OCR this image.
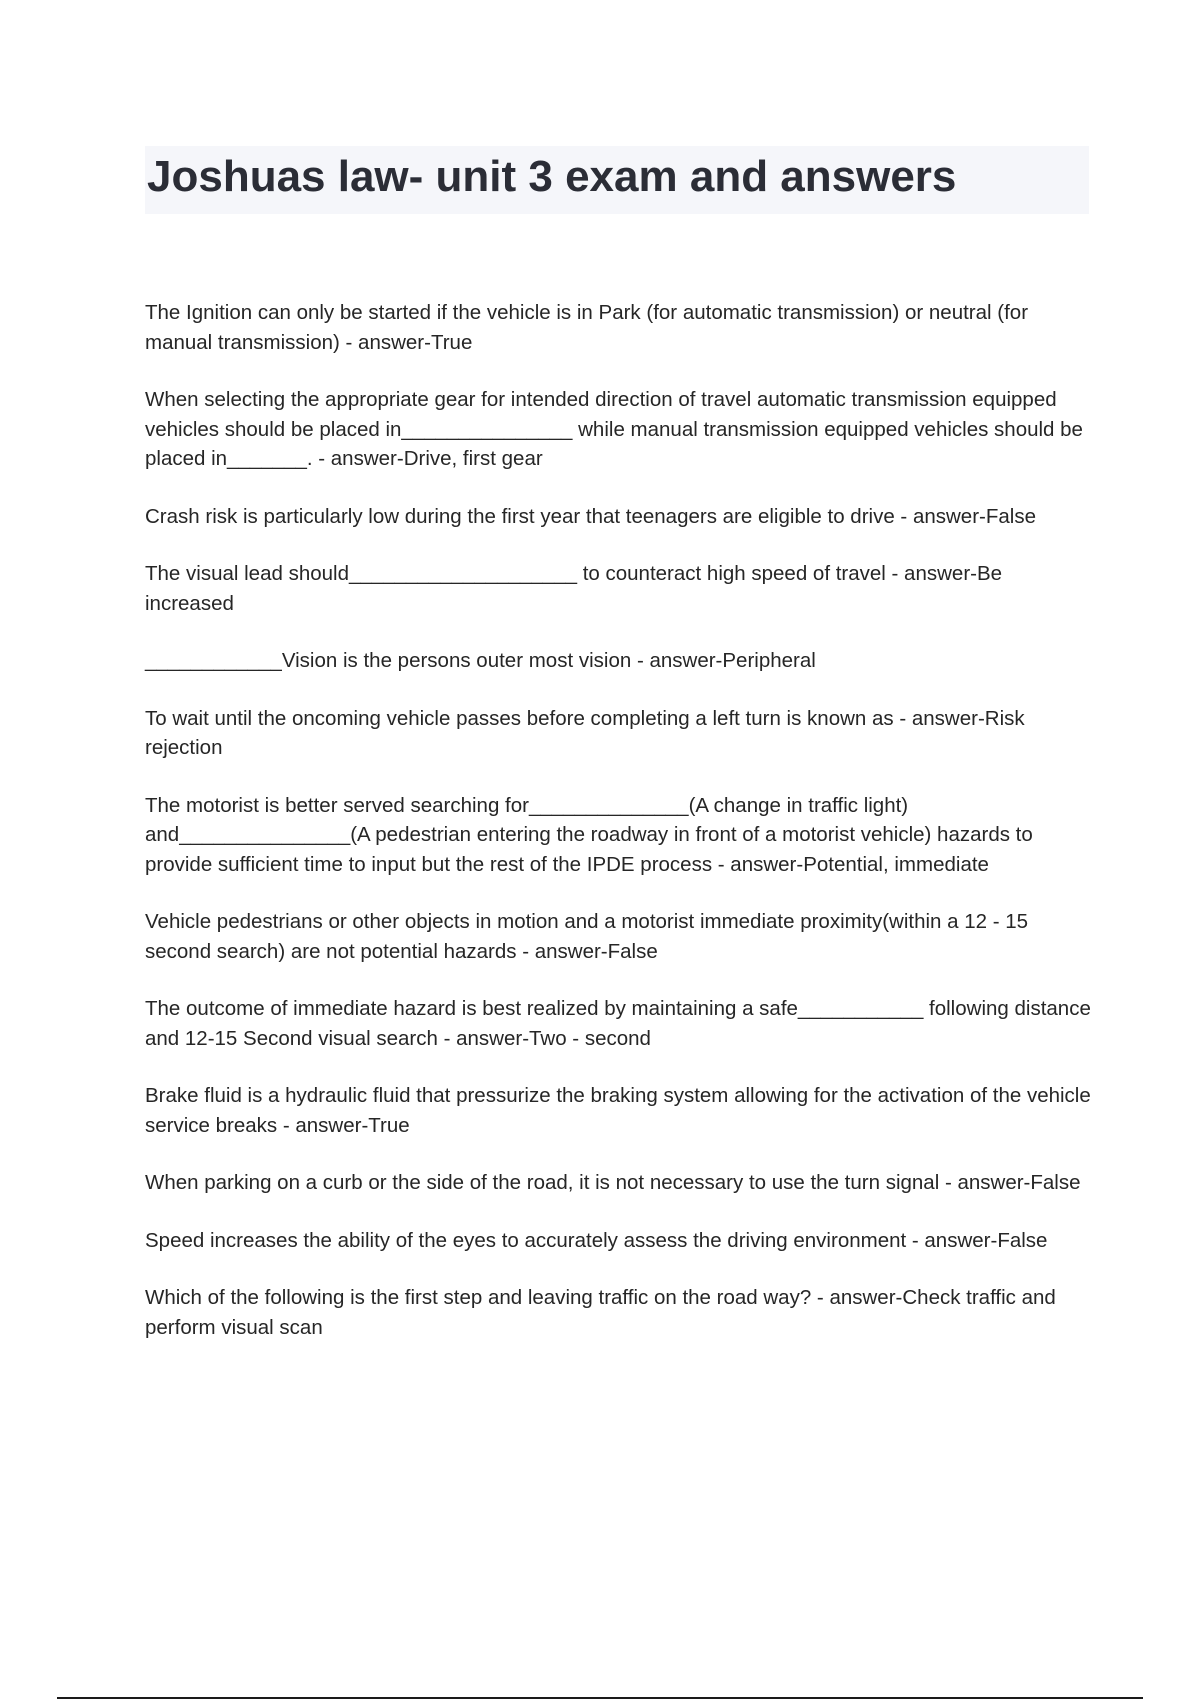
Joshuas law- unit 3 exam and answers

The Ignition can only be started if the vehicle is in Park (for automatic transmission) or neutral (for manual transmission) - answer-True

When selecting the appropriate gear for intended direction of travel automatic transmission equipped vehicles should be placed in_______________ while manual transmission equipped vehicles should be placed in_______. - answer-Drive, first gear

Crash risk is particularly low during the first year that teenagers are eligible to drive - answer-False

The visual lead should____________________ to counteract high speed of travel - answer-Be increased

____________Vision is the persons outer most vision - answer-Peripheral

To wait until the oncoming vehicle passes before completing a left turn is known as - answer-Risk rejection

The motorist is better served searching for______________(A change in traffic light) and_______________(A pedestrian entering the roadway in front of a motorist vehicle) hazards to provide sufficient time to input but the rest of the IPDE process - answer-Potential, immediate

Vehicle pedestrians or other objects in motion and a motorist immediate proximity(within a 12 - 15 second search) are not potential hazards - answer-False

The outcome of immediate hazard is best realized by maintaining a safe___________ following distance and 12-15 Second visual search - answer-Two - second

Brake fluid is a hydraulic fluid that pressurize the braking system allowing for the activation of the vehicle service breaks - answer-True

When parking on a curb or the side of the road, it is not necessary to use the turn signal - answer-False

Speed increases the ability of the eyes to accurately assess the driving environment - answer-False

Which of the following is the first step and leaving traffic on the road way? - answer-Check traffic and perform visual scan
